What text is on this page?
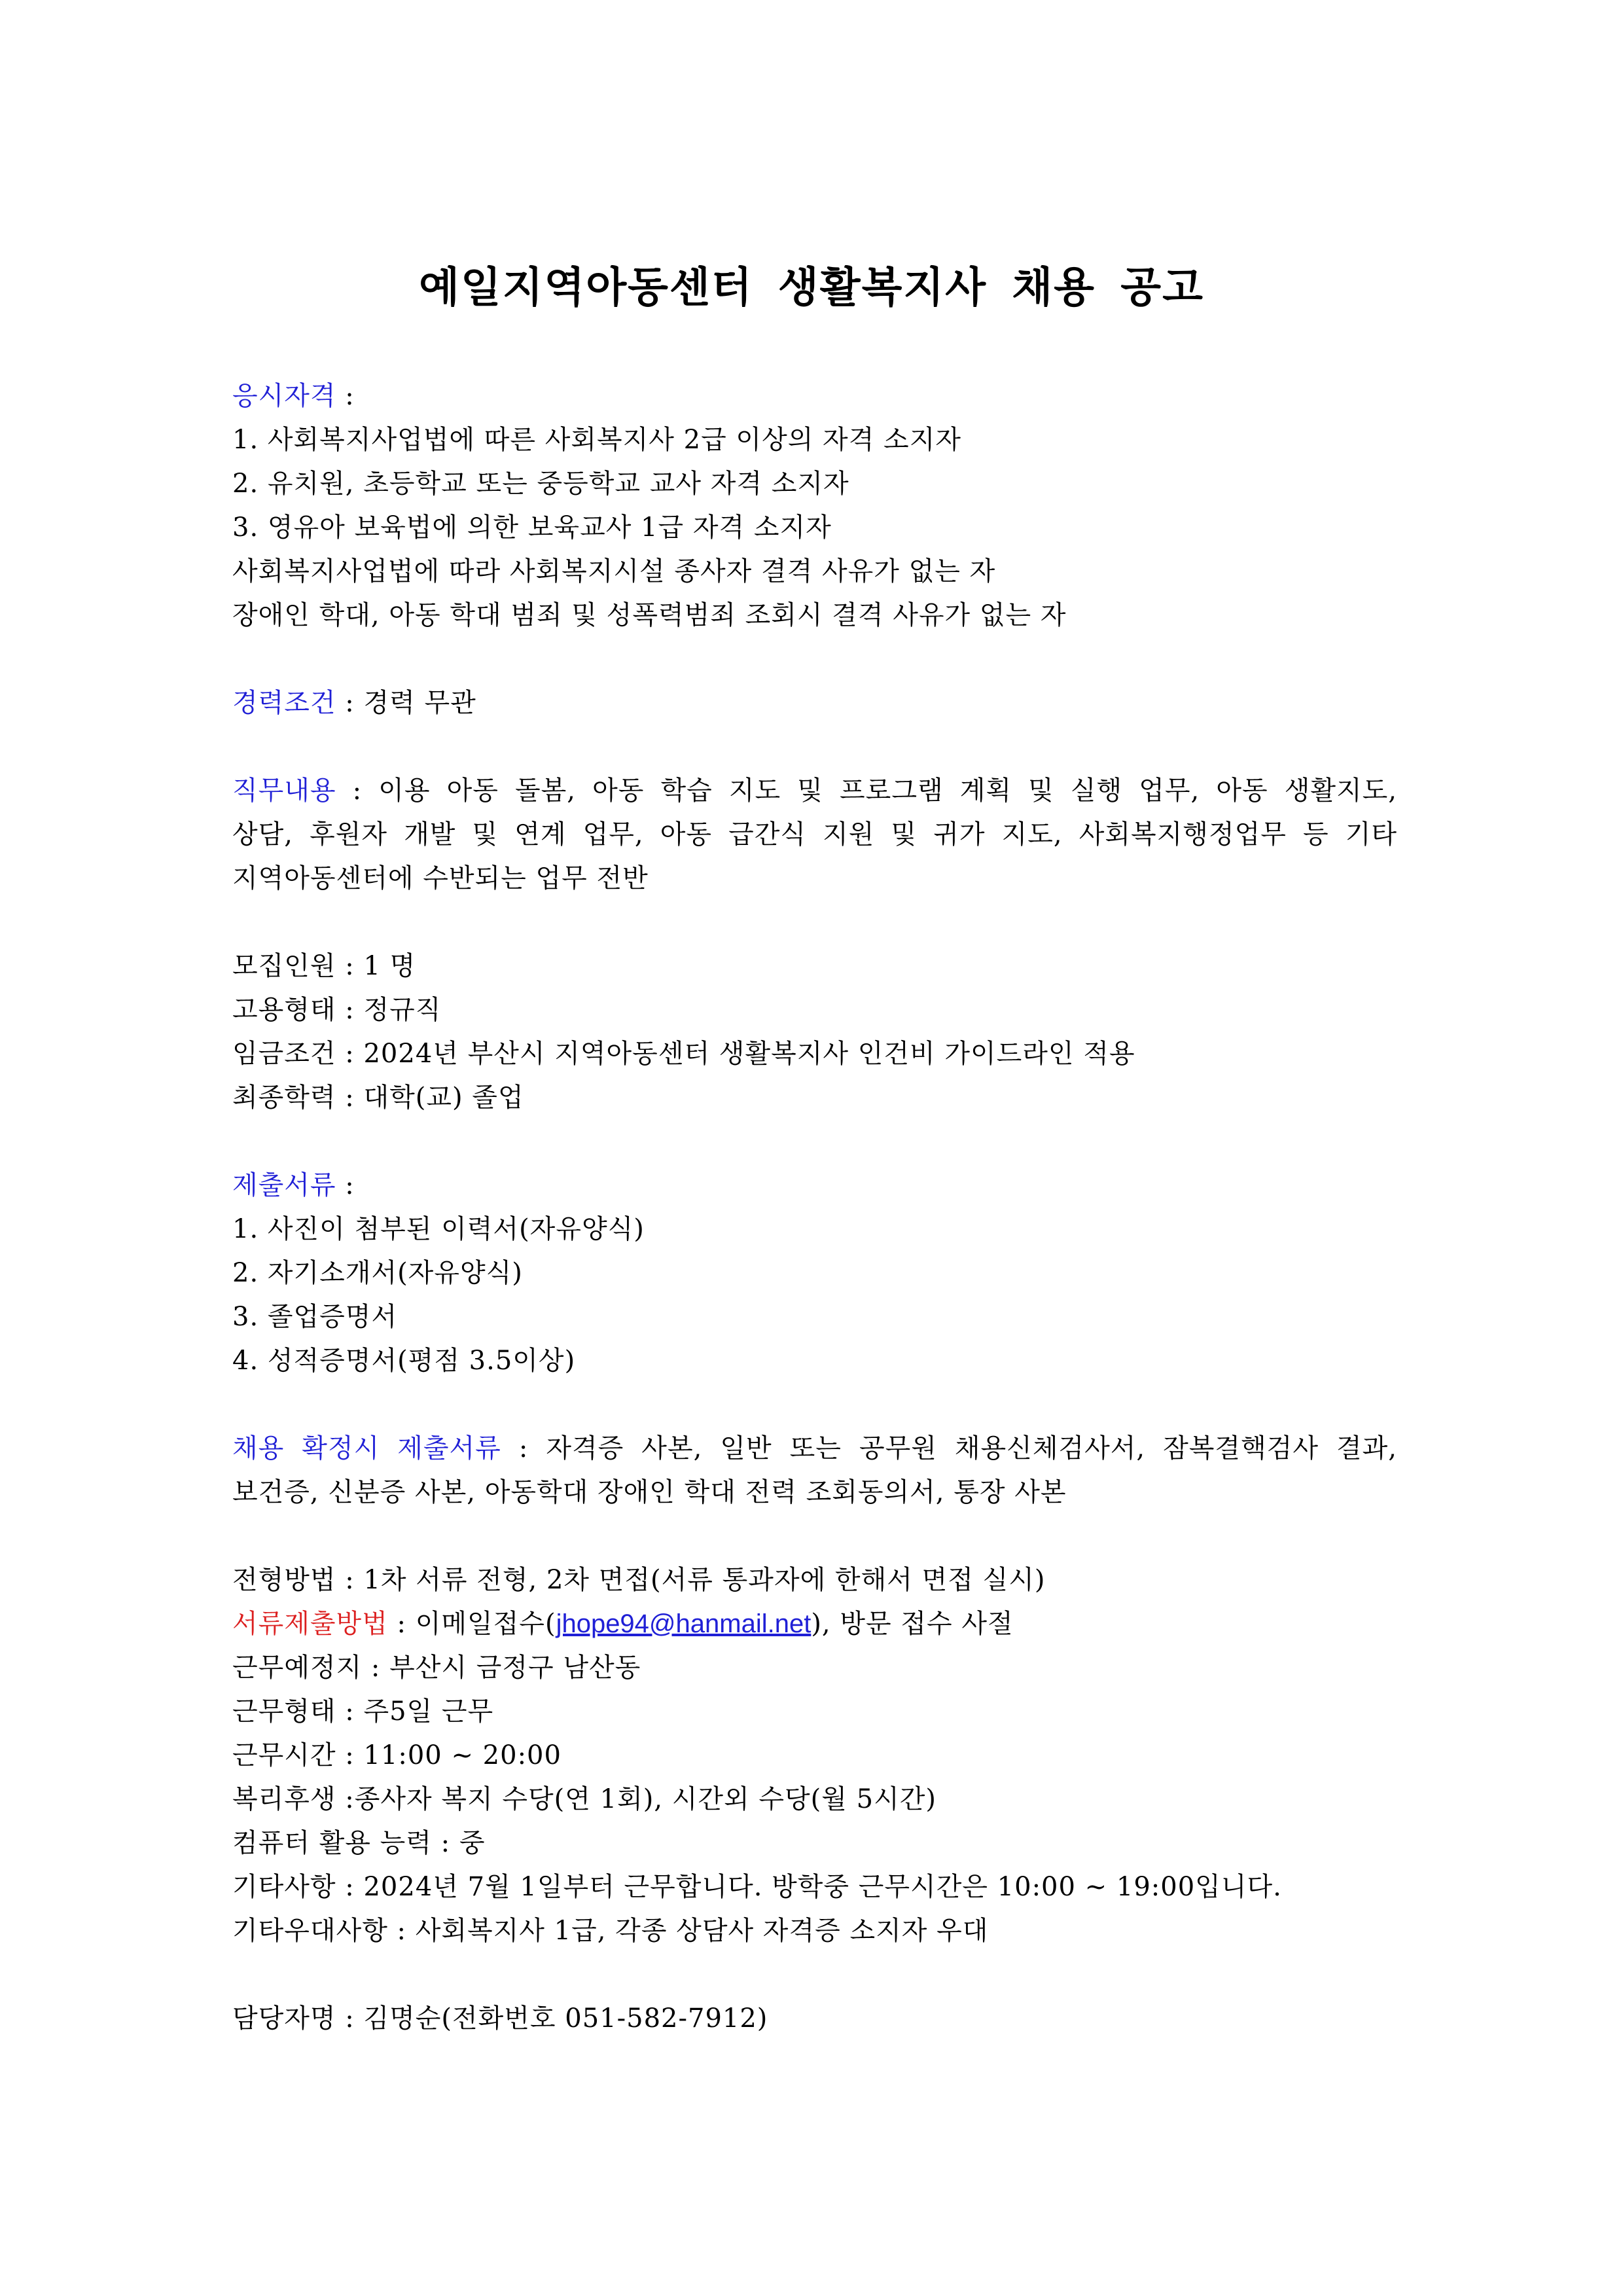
예일지역아동센터 생활복지사 채용 공고
응시자격 :
1. 사회복지사업법에 따른 사회복지사 2급 이상의 자격 소지자
2. 유치원, 초등학교 또는 중등학교 교사 자격 소지자
3. 영유아 보육법에 의한 보육교사 1급 자격 소지자
사회복지사업법에 따라 사회복지시설 종사자 결격 사유가 없는 자
장애인 학대, 아동 학대 범죄 및 성폭력범죄 조회시 결격 사유가 없는 자
경력조건 : 경력 무관
직무내용 : 이용 아동 돌봄, 아동 학습 지도 및 프로그램 계획 및 실행 업무, 아동 생활지도,
상담, 후원자 개발 및 연계 업무, 아동 급간식 지원 및 귀가 지도, 사회복지행정업무 등 기타
지역아동센터에 수반되는 업무 전반
모집인원 : 1 명
고용형태 : 정규직
임금조건 : 2024년 부산시 지역아동센터 생활복지사 인건비 가이드라인 적용
최종학력 : 대학(교) 졸업
제출서류 :
1. 사진이 첨부된 이력서(자유양식)
2. 자기소개서(자유양식)
3. 졸업증명서
4. 성적증명서(평점 3.5이상)
채용 확정시 제출서류 : 자격증 사본, 일반 또는 공무원 채용신체검사서, 잠복결핵검사 결과,
보건증, 신분증 사본, 아동학대 장애인 학대 전력 조회동의서, 통장 사본
전형방법 : 1차 서류 전형, 2차 면접(서류 통과자에 한해서 면접 실시)
서류제출방법 : 이메일접수(jhope94@hanmail.net), 방문 접수 사절
근무예정지 : 부산시 금정구 남산동
근무형태 : 주5일 근무
근무시간 : 11:00 ~ 20:00
복리후생 :종사자 복지 수당(연 1회), 시간외 수당(월 5시간)
컴퓨터 활용 능력 : 중
기타사항 : 2024년 7월 1일부터 근무합니다. 방학중 근무시간은 10:00 ~ 19:00입니다.
기타우대사항 : 사회복지사 1급, 각종 상담사 자격증 소지자 우대
담당자명 : 김명순(전화번호 051-582-7912)
